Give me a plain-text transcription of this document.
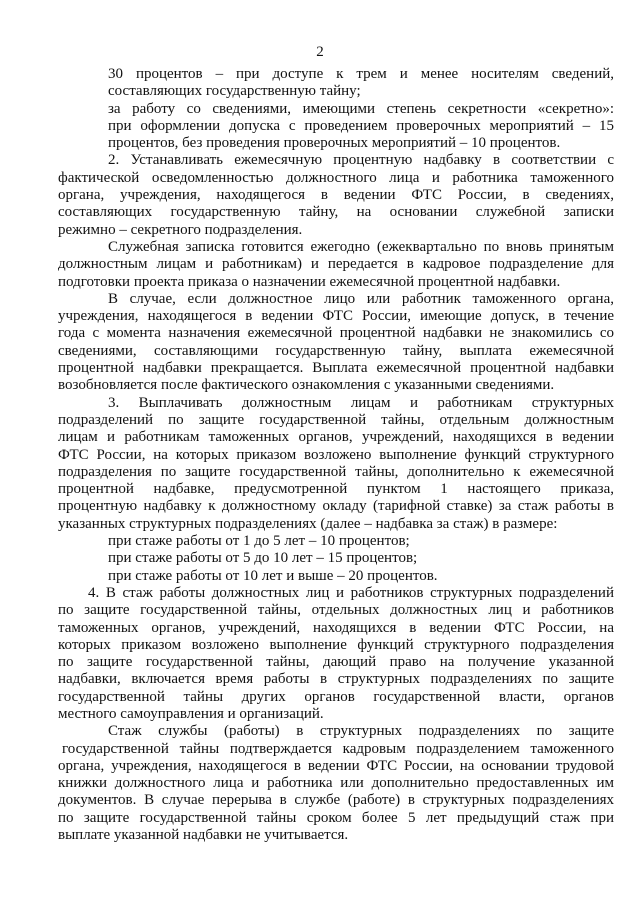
2
30 процентов – при доступе к трем и менее носителям сведений,
составляющих государственную тайну;
за работу со сведениями, имеющими степень секретности «секретно»:
при оформлении допуска с проведением проверочных мероприятий – 15
процентов, без проведения проверочных мероприятий – 10 процентов.
2. Устанавливать ежемесячную процентную надбавку в соответствии с
фактической осведомленностью должностного лица и работника таможенного
органа, учреждения, находящегося в ведении ФТС России, в сведениях,
составляющих государственную тайну, на основании служебной записки
режимно – секретного подразделения.
Служебная записка готовится ежегодно (ежеквартально по вновь принятым
должностным лицам и работникам) и передается в кадровое подразделение для
подготовки проекта приказа о назначении ежемесячной процентной надбавки.
В случае, если должностное лицо или работник таможенного органа,
учреждения, находящегося в ведении ФТС России, имеющие допуск, в течение
года с момента назначения ежемесячной процентной надбавки не знакомились со
сведениями, составляющими государственную тайну, выплата ежемесячной
процентной надбавки прекращается. Выплата ежемесячной процентной надбавки
возобновляется после фактического ознакомления с указанными сведениями.
3. Выплачивать должностным лицам и работникам структурных
подразделений по защите государственной тайны, отдельным должностным
лицам и работникам таможенных органов, учреждений, находящихся в ведении
ФТС России, на которых приказом возложено выполнение функций структурного
подразделения по защите государственной тайны, дополнительно к ежемесячной
процентной надбавке, предусмотренной пунктом 1 настоящего приказа,
процентную надбавку к должностному окладу (тарифной ставке) за стаж работы в
указанных структурных подразделениях (далее – надбавка за стаж) в размере:
при стаже работы от 1 до 5 лет – 10 процентов;
при стаже работы от 5 до 10 лет – 15 процентов;
при стаже работы от 10 лет и выше – 20 процентов.
4. В стаж работы должностных лиц и работников структурных подразделений
по защите государственной тайны, отдельных должностных лиц и работников
таможенных органов, учреждений, находящихся в ведении ФТС России, на
которых приказом возложено выполнение функций структурного подразделения
по защите государственной тайны, дающий право на получение указанной
надбавки, включается время работы в структурных подразделениях по защите
государственной тайны других органов государственной власти, органов
местного самоуправления и организаций.
Стаж службы (работы) в структурных подразделениях по защите
государственной тайны подтверждается кадровым подразделением таможенного
органа, учреждения, находящегося в ведении ФТС России, на основании трудовой
книжки должностного лица и работника или дополнительно предоставленных им
документов. В случае перерыва в службе (работе) в структурных подразделениях
по защите государственной тайны сроком более 5 лет предыдущий стаж при
выплате указанной надбавки не учитывается.
